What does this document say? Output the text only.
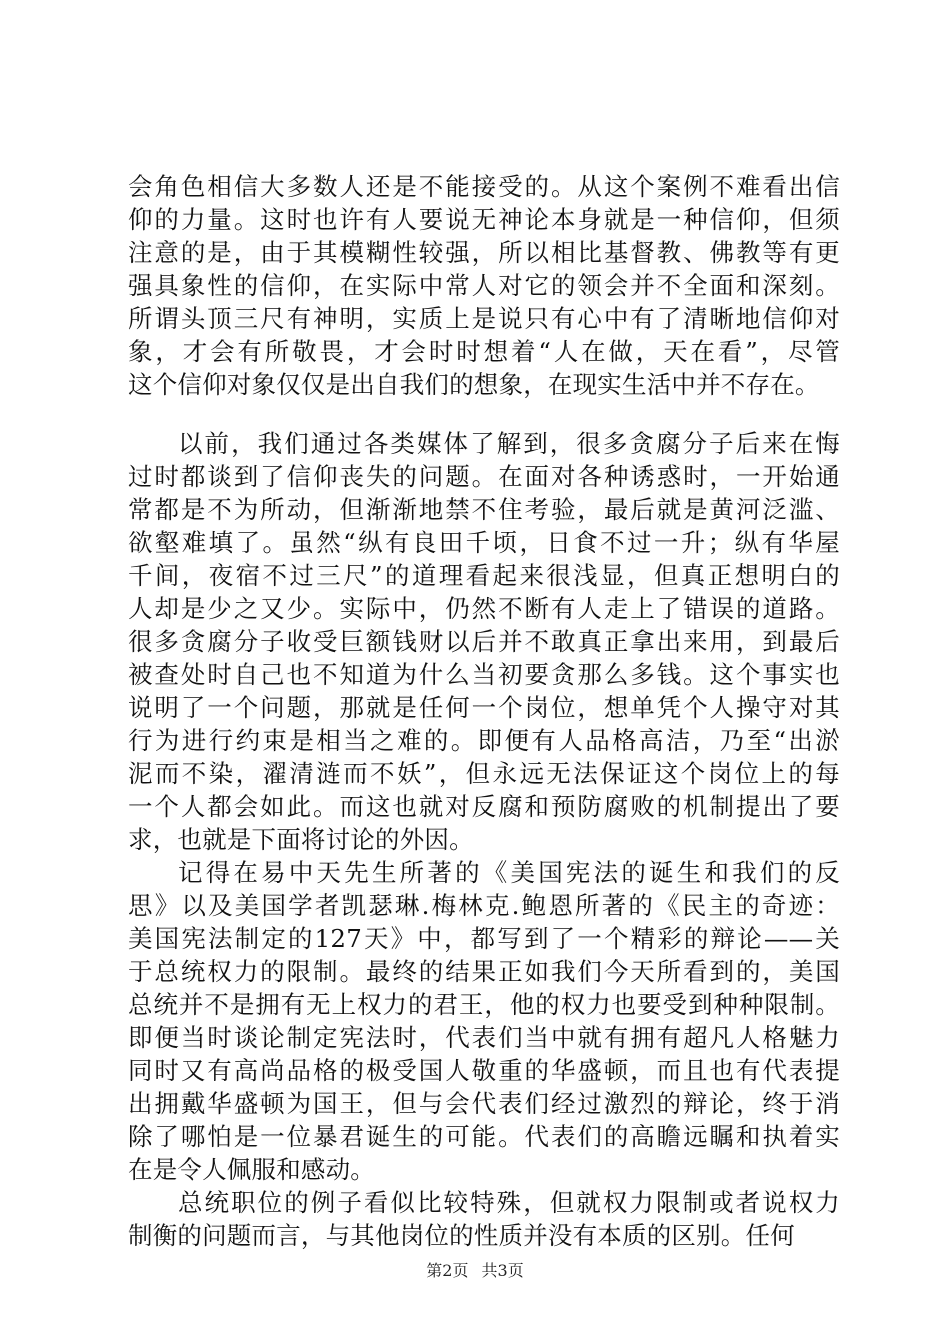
会角色相信大多数人还是不能接受的。从这个案例不难看出信
仰的力量。这时也许有人要说无神论本身就是一种信仰，但须
注意的是，由于其模糊性较强，所以相比基督教、佛教等有更
强具象性的信仰，在实际中常人对它的领会并不全面和深刻。
所谓头顶三尺有神明，实质上是说只有心中有了清晰地信仰对
象，才会有所敬畏，才会时时想着“人在做，天在看”，尽管
这个信仰对象仅仅是出自我们的想象，在现实生活中并不存在。
以前，我们通过各类媒体了解到，很多贪腐分子后来在悔
过时都谈到了信仰丧失的问题。在面对各种诱惑时，一开始通
常都是不为所动，但渐渐地禁不住考验，最后就是黄河泛滥、
欲壑难填了。虽然“纵有良田千顷，日食不过一升；纵有华屋
千间，夜宿不过三尺”的道理看起来很浅显，但真正想明白的
人却是少之又少。实际中，仍然不断有人走上了错误的道路。
很多贪腐分子收受巨额钱财以后并不敢真正拿出来用，到最后
被查处时自己也不知道为什么当初要贪那么多钱。这个事实也
说明了一个问题，那就是任何一个岗位，想单凭个人操守对其
行为进行约束是相当之难的。即便有人品格高洁，乃至“出淤
泥而不染，濯清涟而不妖”，但永远无法保证这个岗位上的每
一个人都会如此。而这也就对反腐和预防腐败的机制提出了要
求，也就是下面将讨论的外因。
记得在易中天先生所著的《美国宪法的诞生和我们的反
思》以及美国学者凯瑟琳.梅林克.鲍恩所著的《民主的奇迹：
美国宪法制定的127天》中，都写到了一个精彩的辩论——关
于总统权力的限制。最终的结果正如我们今天所看到的，美国
总统并不是拥有无上权力的君王，他的权力也要受到种种限制。
即便当时谈论制定宪法时，代表们当中就有拥有超凡人格魅力
同时又有高尚品格的极受国人敬重的华盛顿，而且也有代表提
出拥戴华盛顿为国王，但与会代表们经过激烈的辩论，终于消
除了哪怕是一位暴君诞生的可能。代表们的高瞻远瞩和执着实
在是令人佩服和感动。
总统职位的例子看似比较特殊，但就权力限制或者说权力
制衡的问题而言，与其他岗位的性质并没有本质的区别。任何
第2页 共3页
